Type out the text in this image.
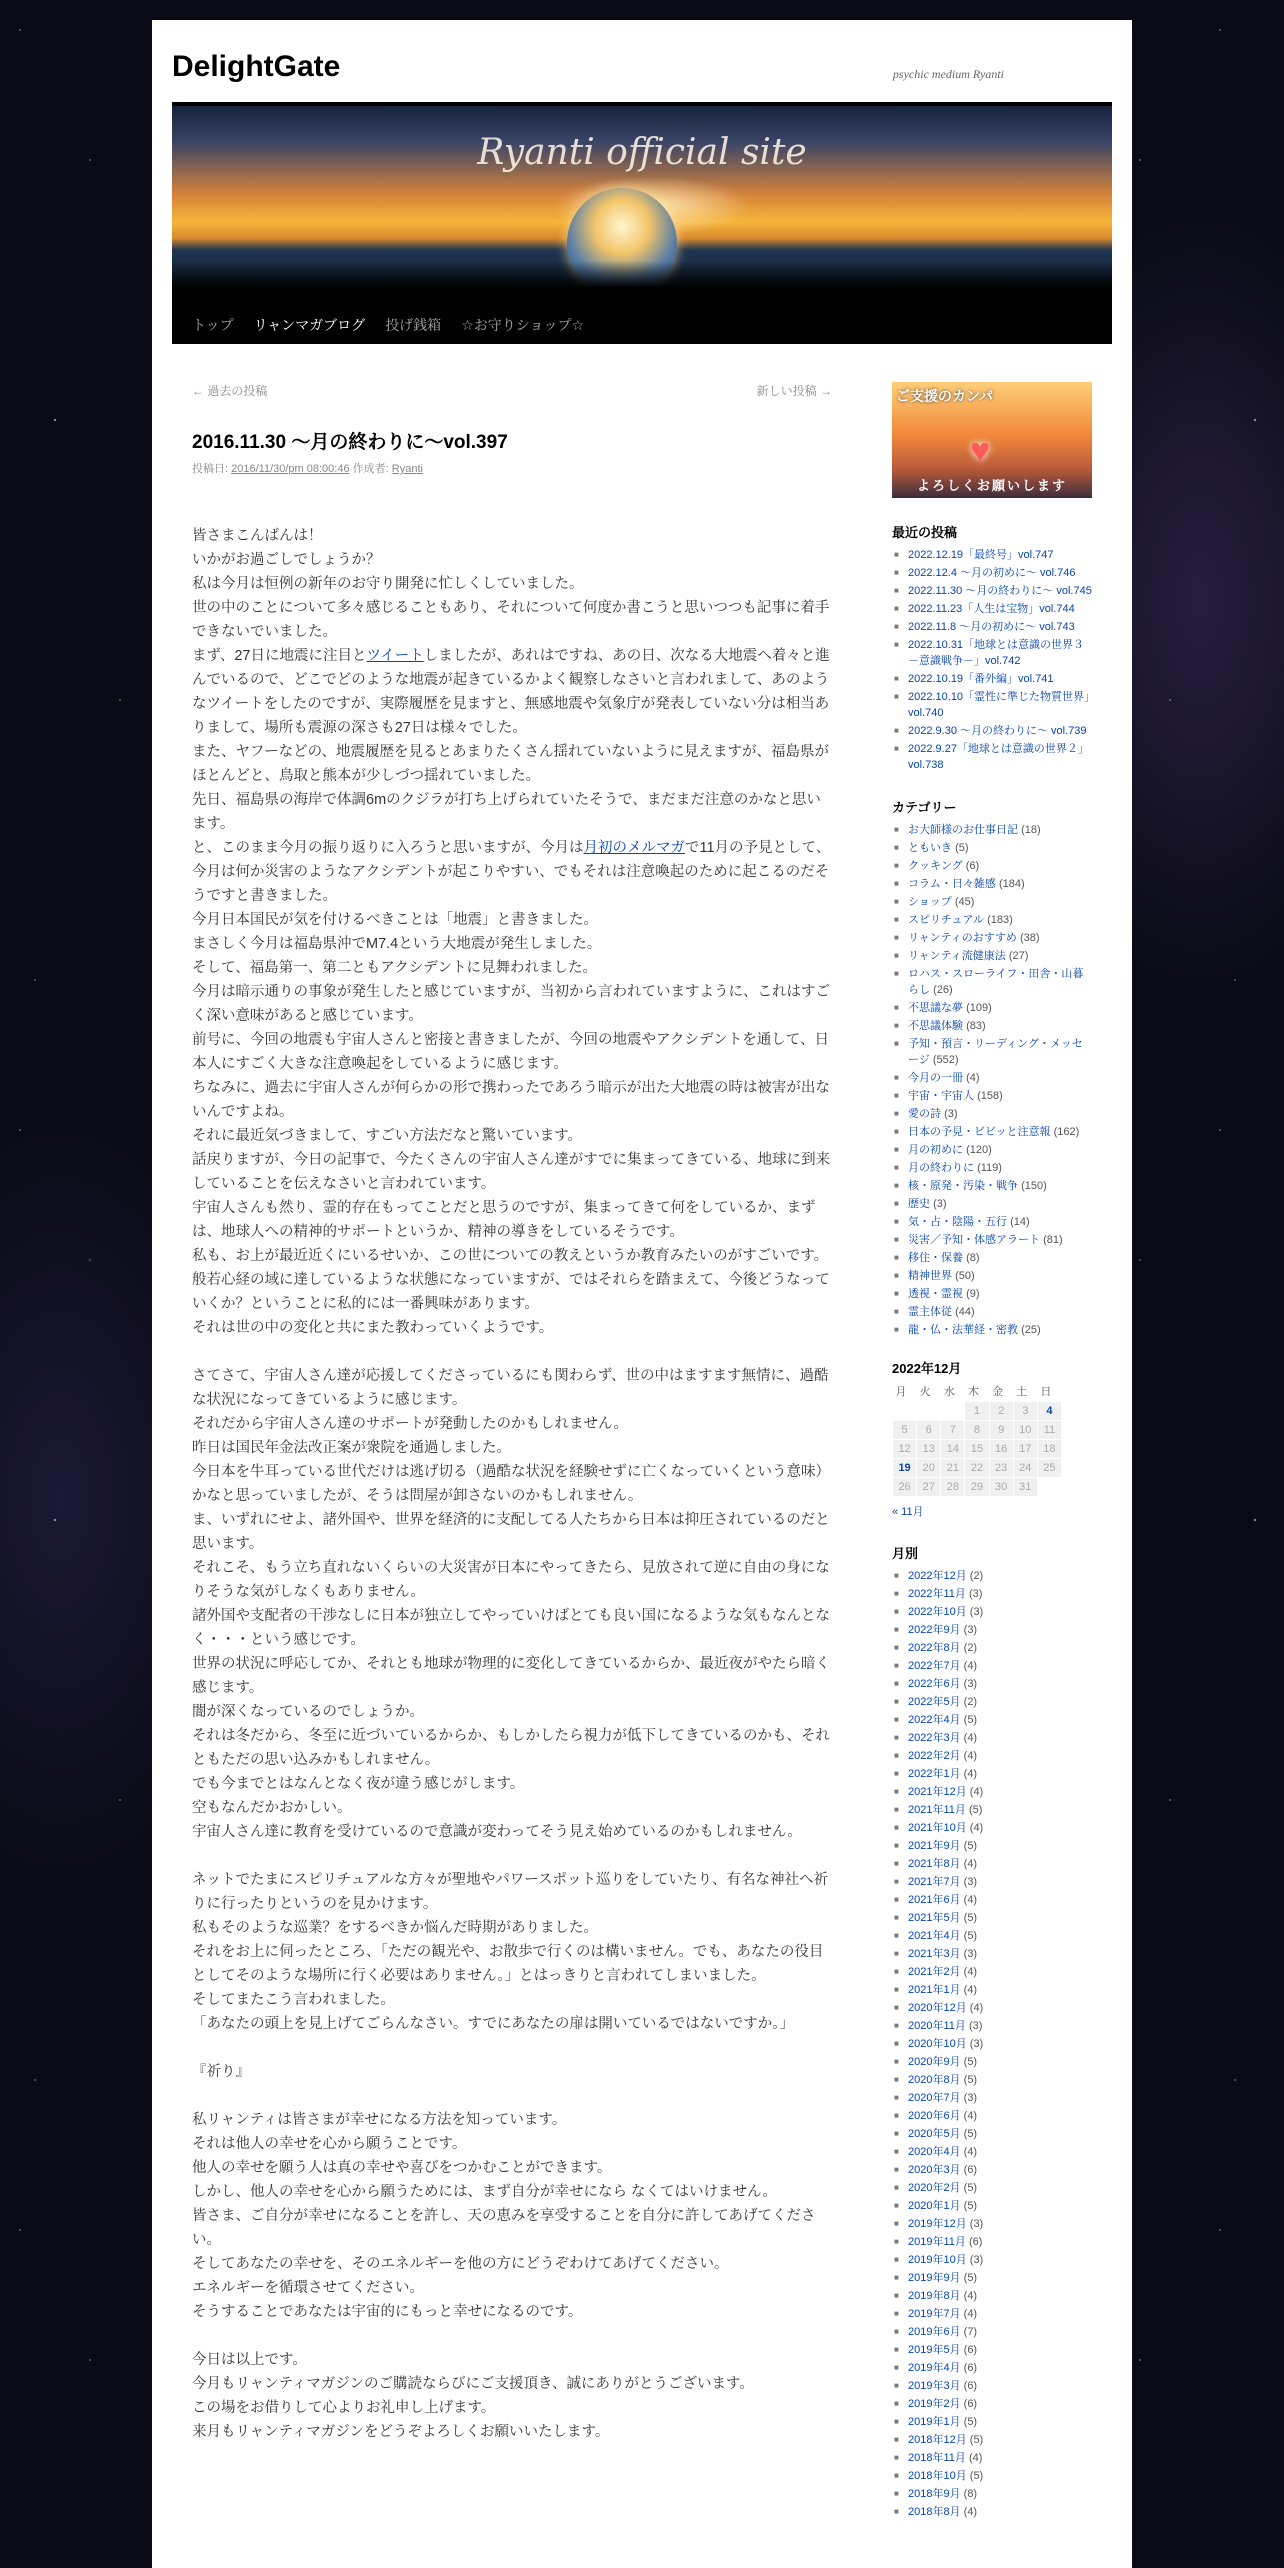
DelightGate	psychic medium Ryanti
Ryanti official site
トップ	リャンマガブログ	投げ銭箱	☆お守りショップ☆
← 過去の投稿	新しい投稿 →
2016.11.30 ～月の終わりに～vol.397
投稿日: 2016/11/30/pm 08:00:46 作成者: Ryanti

皆さまこんばんは！

いかがお過ごしでしょうか？

私は今月は恒例の新年のお守り開発に忙しくしていました。

世の中のことについて多々感じることもあり、それについて何度か書こうと思いつつも記事に着手できないでいました。

まず、27日に地震に注目とツイートしましたが、あれはですね、あの日、次なる大地震へ着々と進んでいるので、どこでどのような地震が起きているかよく観察しなさいと言われまして、あのようなツイートをしたのですが、実際履歴を見ますと、無感地震や気象庁が発表していない分は相当ありまして、場所も震源の深さも27日は様々でした。

また、ヤフーなどの、地震履歴を見るとあまりたくさん揺れていないように見えますが、福島県がほとんどと、鳥取と熊本が少しづつ揺れていました。

先日、福島県の海岸で体調6mのクジラが打ち上げられていたそうで、まだまだ注意のかなと思います。

と、このまま今月の振り返りに入ろうと思いますが、今月は月初のメルマガで11月の予見として、今月は何か災害のようなアクシデントが起こりやすい、でもそれは注意喚起のために起こるのだそうですと書きました。

今月日本国民が気を付けるべきことは「地震」と書きました。

まさしく今月は福島県沖でM7.4という大地震が発生しました。

そして、福島第一、第二ともアクシデントに見舞われました。

今月は暗示通りの事象が発生したと感じていますが、当初から言われていますように、これはすごく深い意味があると感じています。

前号に、今回の地震も宇宙人さんと密接と書きましたが、今回の地震やアクシデントを通して、日本人にすごく大きな注意喚起をしているように感じます。

ちなみに、過去に宇宙人さんが何らかの形で携わったであろう暗示が出た大地震の時は被害が出ないんですよね。

それに最近気づきまして、すごい方法だなと驚いています。

話戻りますが、今日の記事で、今たくさんの宇宙人さん達がすでに集まってきている、地球に到来していることを伝えなさいと言われています。

宇宙人さんも然り、霊的存在もってことだと思うのですが、集まってきて何をしているか、まずは、地球人への精神的サポートというか、精神の導きをしているそうです。

私も、お上が最近近くにいるせいか、この世についての教えというか教育みたいのがすごいです。

般若心経の域に達しているような状態になっていますが、ではそれらを踏まえて、今後どうなっていくか？ということに私的には一番興味があります。

それは世の中の変化と共にまた教わっていくようです。

さてさて、宇宙人さん達が応援してくださっているにも関わらず、世の中はますます無情に、過酷な状況になってきているように感じます。

それだから宇宙人さん達のサポートが発動したのかもしれません。

昨日は国民年金法改正案が衆院を通過しました。

今日本を牛耳っている世代だけは逃げ切る（過酷な状況を経験せずに亡くなっていくという意味）かなと思っていましたが、そうは問屋が卸さないのかもしれません。

ま、いずれにせよ、諸外国や、世界を経済的に支配してる人たちから日本は抑圧されているのだと思います。

それこそ、もう立ち直れないくらいの大災害が日本にやってきたら、見放されて逆に自由の身になりそうな気がしなくもありません。

諸外国や支配者の干渉なしに日本が独立してやっていけばとても良い国になるような気もなんとなく・・・という感じです。

世界の状況に呼応してか、それとも地球が物理的に変化してきているからか、最近夜がやたら暗く感じます。

闇が深くなっているのでしょうか。

それは冬だから、冬至に近づいているからか、もしかしたら視力が低下してきているのかも、それともただの思い込みかもしれません。

でも今までとはなんとなく夜が違う感じがします。

空もなんだかおかしい。

宇宙人さん達に教育を受けているので意識が変わってそう見え始めているのかもしれません。

ネットでたまにスピリチュアルな方々が聖地やパワースポット巡りをしていたり、有名な神社へ祈りに行ったりというのを見かけます。

私もそのような巡業？をするべきか悩んだ時期がありました。

それをお上に伺ったところ、「ただの観光や、お散歩で行くのは構いません。でも、あなたの役目としてそのような場所に行く必要はありません。」とはっきりと言われてしまいました。

そしてまたこう言われました。

「あなたの頭上を見上げてごらんなさい。すでにあなたの扉は開いているではないですか。」

『祈り』

私リャンティは皆さまが幸せになる方法を知っています。

それは他人の幸せを心から願うことです。

他人の幸せを願う人は真の幸せや喜びをつかむことができます。

しかし、他人の幸せを心から願うためには、まず自分が幸せになら なくてはいけません。

皆さま、ご自分が幸せになることを許し、天の恵みを享受することを自分に許してあげてください。

そしてあなたの幸せを、そのエネルギーを他の方にどうぞわけてあげてください。

エネルギーを循環させてください。

そうすることであなたは宇宙的にもっと幸せになるのです。

今日は以上です。

今月もリャンティマガジンのご購読ならびにご支援頂き、誠にありがとうございます。

この場をお借りして心よりお礼申し上げます。

来月もリャンティマガジンをどうぞよろしくお願いいたします。

ご支援のカンパ
♥
よろしくお願いします
最近の投稿
■ 2022.12.19「最終号」vol.747
■ 2022.12.4 ～月の初めに～ vol.746
■ 2022.11.30 ～月の終わりに～ vol.745
■ 2022.11.23「人生は宝物」vol.744
■ 2022.11.8 ～月の初めに～ vol.743
■ 2022.10.31「地球とは意識の世界３－意識戦争－」vol.742
■ 2022.10.19「番外編」vol.741
■ 2022.10.10「霊性に準じた物質世界」vol.740
■ 2022.9.30 ～月の終わりに～ vol.739
■ 2022.9.27「地球とは意識の世界２」vol.738
カテゴリー
■ お大師様のお仕事日記 (18)
■ ともいき (5)
■ クッキング (6)
■ コラム・日々雑感 (184)
■ ショップ (45)
■ スピリチュアル (183)
■ リャンティのおすすめ (38)
■ リャンティ流健康法 (27)
■ ロハス・スローライフ・田舎・山暮らし (26)
■ 不思議な夢 (109)
■ 不思議体験 (83)
■ 予知・預言・リーディング・メッセージ (552)
■ 今月の一冊 (4)
■ 宇宙・宇宙人 (158)
■ 愛の詩 (3)
■ 日本の予見・ビビッと注意報 (162)
■ 月の初めに (120)
■ 月の終わりに (119)
■ 核・原発・汚染・戦争 (150)
■ 歴史 (3)
■ 気・占・陰陽・五行 (14)
■ 災害／予知・体感アラート (81)
■ 移住・保養 (8)
■ 精神世界 (50)
■ 透視・霊視 (9)
■ 霊主体従 (44)
■ 龍・仏・法華経・密教 (25)
2022年12月
月	火	水	木	金	土	日
			1	2	3	4
5	6	7	8	9	10	11
12	13	14	15	16	17	18
19	20	21	22	23	24	25
26	27	28	29	30	31	
« 11月
月別
■ 2022年12月 (2)
■ 2022年11月 (3)
■ 2022年10月 (3)
■ 2022年9月 (3)
■ 2022年8月 (2)
■ 2022年7月 (4)
■ 2022年6月 (3)
■ 2022年5月 (2)
■ 2022年4月 (5)
■ 2022年3月 (4)
■ 2022年2月 (4)
■ 2022年1月 (4)
■ 2021年12月 (4)
■ 2021年11月 (5)
■ 2021年10月 (4)
■ 2021年9月 (5)
■ 2021年8月 (4)
■ 2021年7月 (3)
■ 2021年6月 (4)
■ 2021年5月 (5)
■ 2021年4月 (5)
■ 2021年3月 (3)
■ 2021年2月 (4)
■ 2021年1月 (4)
■ 2020年12月 (4)
■ 2020年11月 (3)
■ 2020年10月 (3)
■ 2020年9月 (5)
■ 2020年8月 (5)
■ 2020年7月 (3)
■ 2020年6月 (4)
■ 2020年5月 (5)
■ 2020年4月 (4)
■ 2020年3月 (6)
■ 2020年2月 (5)
■ 2020年1月 (5)
■ 2019年12月 (3)
■ 2019年11月 (6)
■ 2019年10月 (3)
■ 2019年9月 (5)
■ 2019年8月 (4)
■ 2019年7月 (4)
■ 2019年6月 (7)
■ 2019年5月 (6)
■ 2019年4月 (6)
■ 2019年3月 (6)
■ 2019年2月 (6)
■ 2019年1月 (5)
■ 2018年12月 (5)
■ 2018年11月 (4)
■ 2018年10月 (5)
■ 2018年9月 (8)
■ 2018年8月 (4)
